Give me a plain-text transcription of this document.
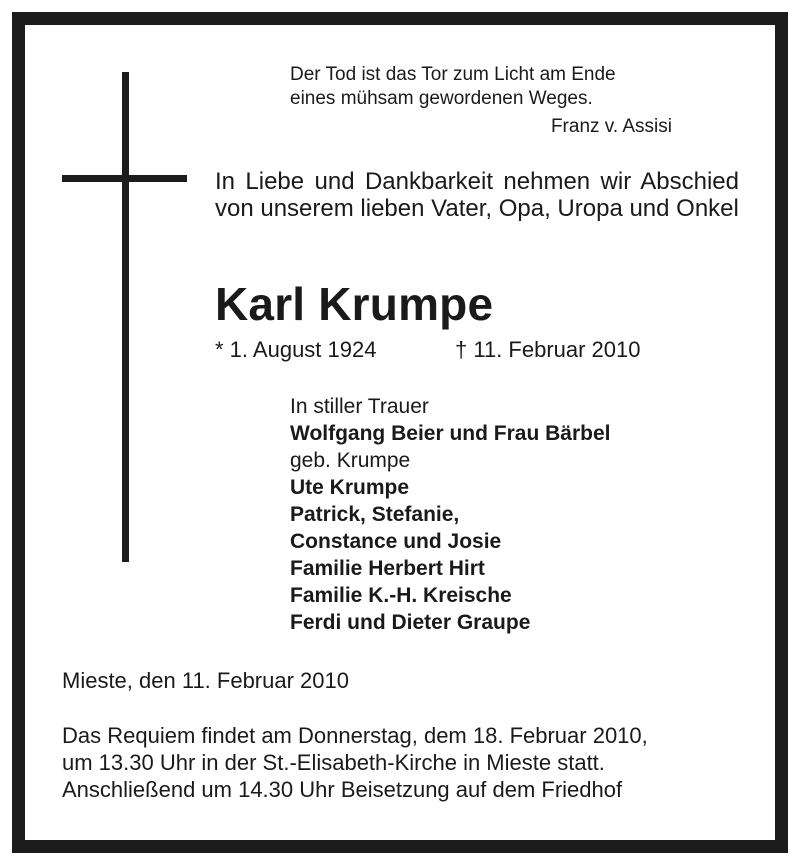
Der Tod ist das Tor zum Licht am Ende
eines mühsam gewordenen Weges.
Franz v. Assisi
In Liebe und Dankbarkeit nehmen wir Abschied von unserem lieben Vater, Opa, Uropa und Onkel
Karl Krumpe
* 1. August 1924	† 11. Februar 2010
In stiller Trauer
Wolfgang Beier und Frau Bärbel
geb. Krumpe
Ute Krumpe
Patrick, Stefanie,
Constance und Josie
Familie Herbert Hirt
Familie K.-H. Kreische
Ferdi und Dieter Graupe
Mieste, den 11. Februar 2010
Das Requiem findet am Donnerstag, dem 18. Februar 2010,
um 13.30 Uhr in der St.-Elisabeth-Kirche in Mieste statt.
Anschließend um 14.30 Uhr Beisetzung auf dem Friedhof
